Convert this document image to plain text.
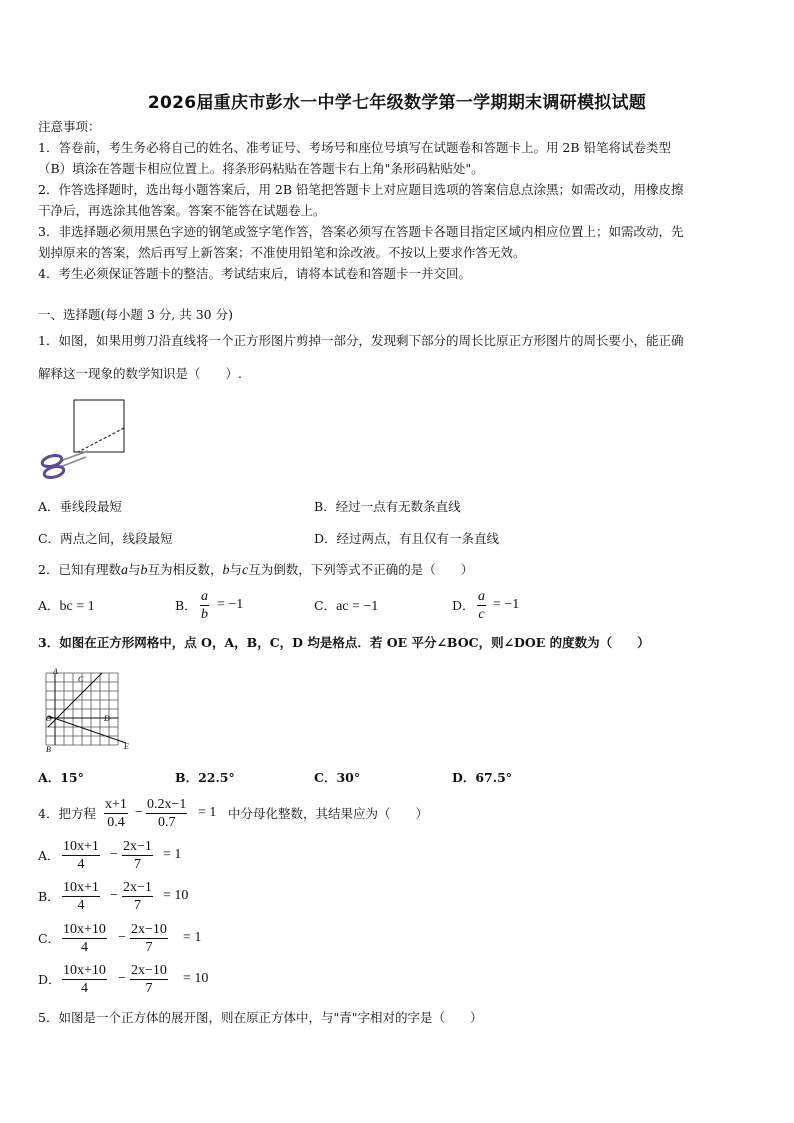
2026届重庆市彭水一中学七年级数学第一学期期末调研模拟试题
注意事项：
1．答卷前，考生务必将自己的姓名、准考证号、考场号和座位号填写在试题卷和答题卡上。用 2B 铅笔将试卷类型
（B）填涂在答题卡相应位置上。将条形码粘贴在答题卡右上角"条形码粘贴处"。
2．作答选择题时，选出每小题答案后，用 2B 铅笔把答题卡上对应题目选项的答案信息点涂黑；如需改动，用橡皮擦
干净后，再选涂其他答案。答案不能答在试题卷上。
3．非选择题必须用黑色字迹的钢笔或签字笔作答，答案必须写在答题卡各题目指定区域内相应位置上；如需改动，先
划掉原来的答案，然后再写上新答案；不准使用铅笔和涂改液。不按以上要求作答无效。
4．考生必须保证答题卡的整洁。考试结束后，请将本试卷和答题卡一并交回。
一、选择题(每小题 3 分, 共 30 分)
1．如图，如果用剪刀沿直线将一个正方形图片剪掉一部分，发现剩下部分的周长比原正方形图片的周长要小，能正确
解释这一现象的数学知识是（　　）.
A．垂线段最短	B．经过一点有无数条直线
C．两点之间，线段最短	D．经过两点，有且仅有一条直线
2．已知有理数a与b互为相反数，b与c互为倒数，下列等式不正确的是（　　）
A．bc = 1	B． $\frac{a}{b} = -1$	C．ac = −1	D． $\frac{a}{c} = -1$
3．如图在正方形网格中，点 O，A，B，C，D 均是格点．若 OE 平分∠BOC，则∠DOE 的度数为（　　）
A
C
O	D
B	E
A．15°	B．22.5°	C．30°	D．67.5°
4．把方程 $\frac{x+1}{0.4} - \frac{0.2x-1}{0.7} = 1$ 中分母化整数，其结果应为（　　）
A． $\frac{10x+1}{4} - \frac{2x-1}{7} = 1$
B． $\frac{10x+1}{4} - \frac{2x-1}{7} = 10$
C． $\frac{10x+10}{4} - \frac{2x-10}{7} = 1$
D． $\frac{10x+10}{4} - \frac{2x-10}{7} = 10$
5．如图是一个正方体的展开图，则在原正方体中，与"青"字相对的字是（　　）
